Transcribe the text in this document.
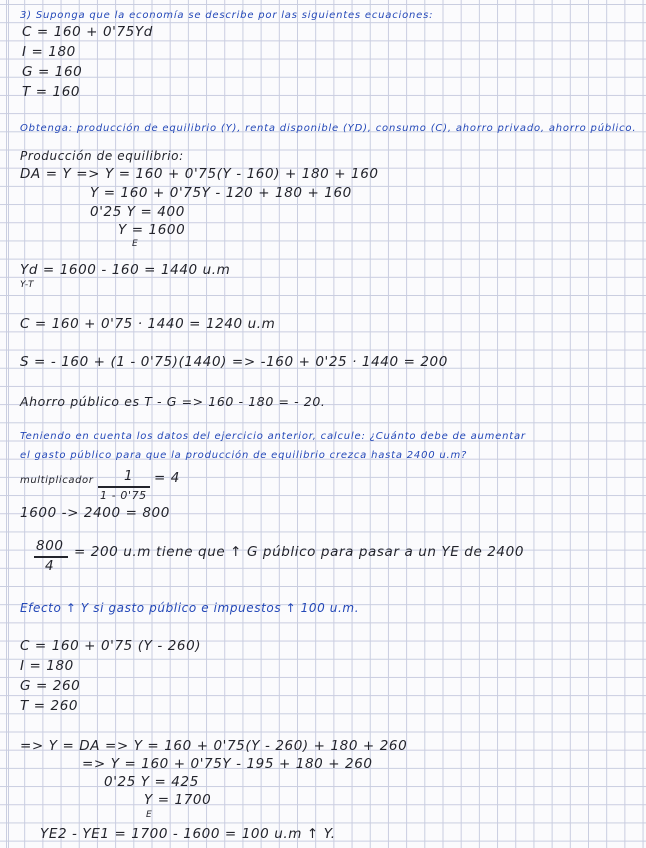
3) Suponga que la economía se describe por las siguientes ecuaciones:
C = 160 + 0'75Yd
I = 180
G = 160
T = 160
Obtenga: producción de equilibrio (Y), renta disponible (YD), consumo (C), ahorro privado, ahorro público.
Producción de equilibrio:
DA = Y => Y = 160 + 0'75(Y - 160) + 180 + 160
Y = 160 + 0'75Y - 120 + 180 + 160
0'25 Y = 400
Y = 1600
E
Yd = 1600 - 160 = 1440 u.m
Y-T
C = 160 + 0'75 · 1440 = 1240 u.m
S = - 160 + (1 - 0'75)(1440) => -160 + 0'25 · 1440 = 200
Ahorro público es T - G => 160 - 180 = - 20.
Teniendo en cuenta los datos del ejercicio anterior, calcule: ¿Cuánto debe de aumentar
el gasto público para que la producción de equilibrio crezca hasta 2400 u.m?
multiplicador 1
1 - 0'75
= 4
1600 -> 2400 = 800
800
4
= 200 u.m tiene que ↑ G público para pasar a un YE de 2400
Efecto ↑ Y si gasto público e impuestos ↑ 100 u.m.
C = 160 + 0'75 (Y - 260)
I = 180
G = 260
T = 260
=> Y = DA => Y = 160 + 0'75(Y - 260) + 180 + 260
=> Y = 160 + 0'75Y - 195 + 180 + 260
0'25 Y = 425
Y = 1700
E
YE2 - YE1 = 1700 - 1600 = 100 u.m ↑ Y.
